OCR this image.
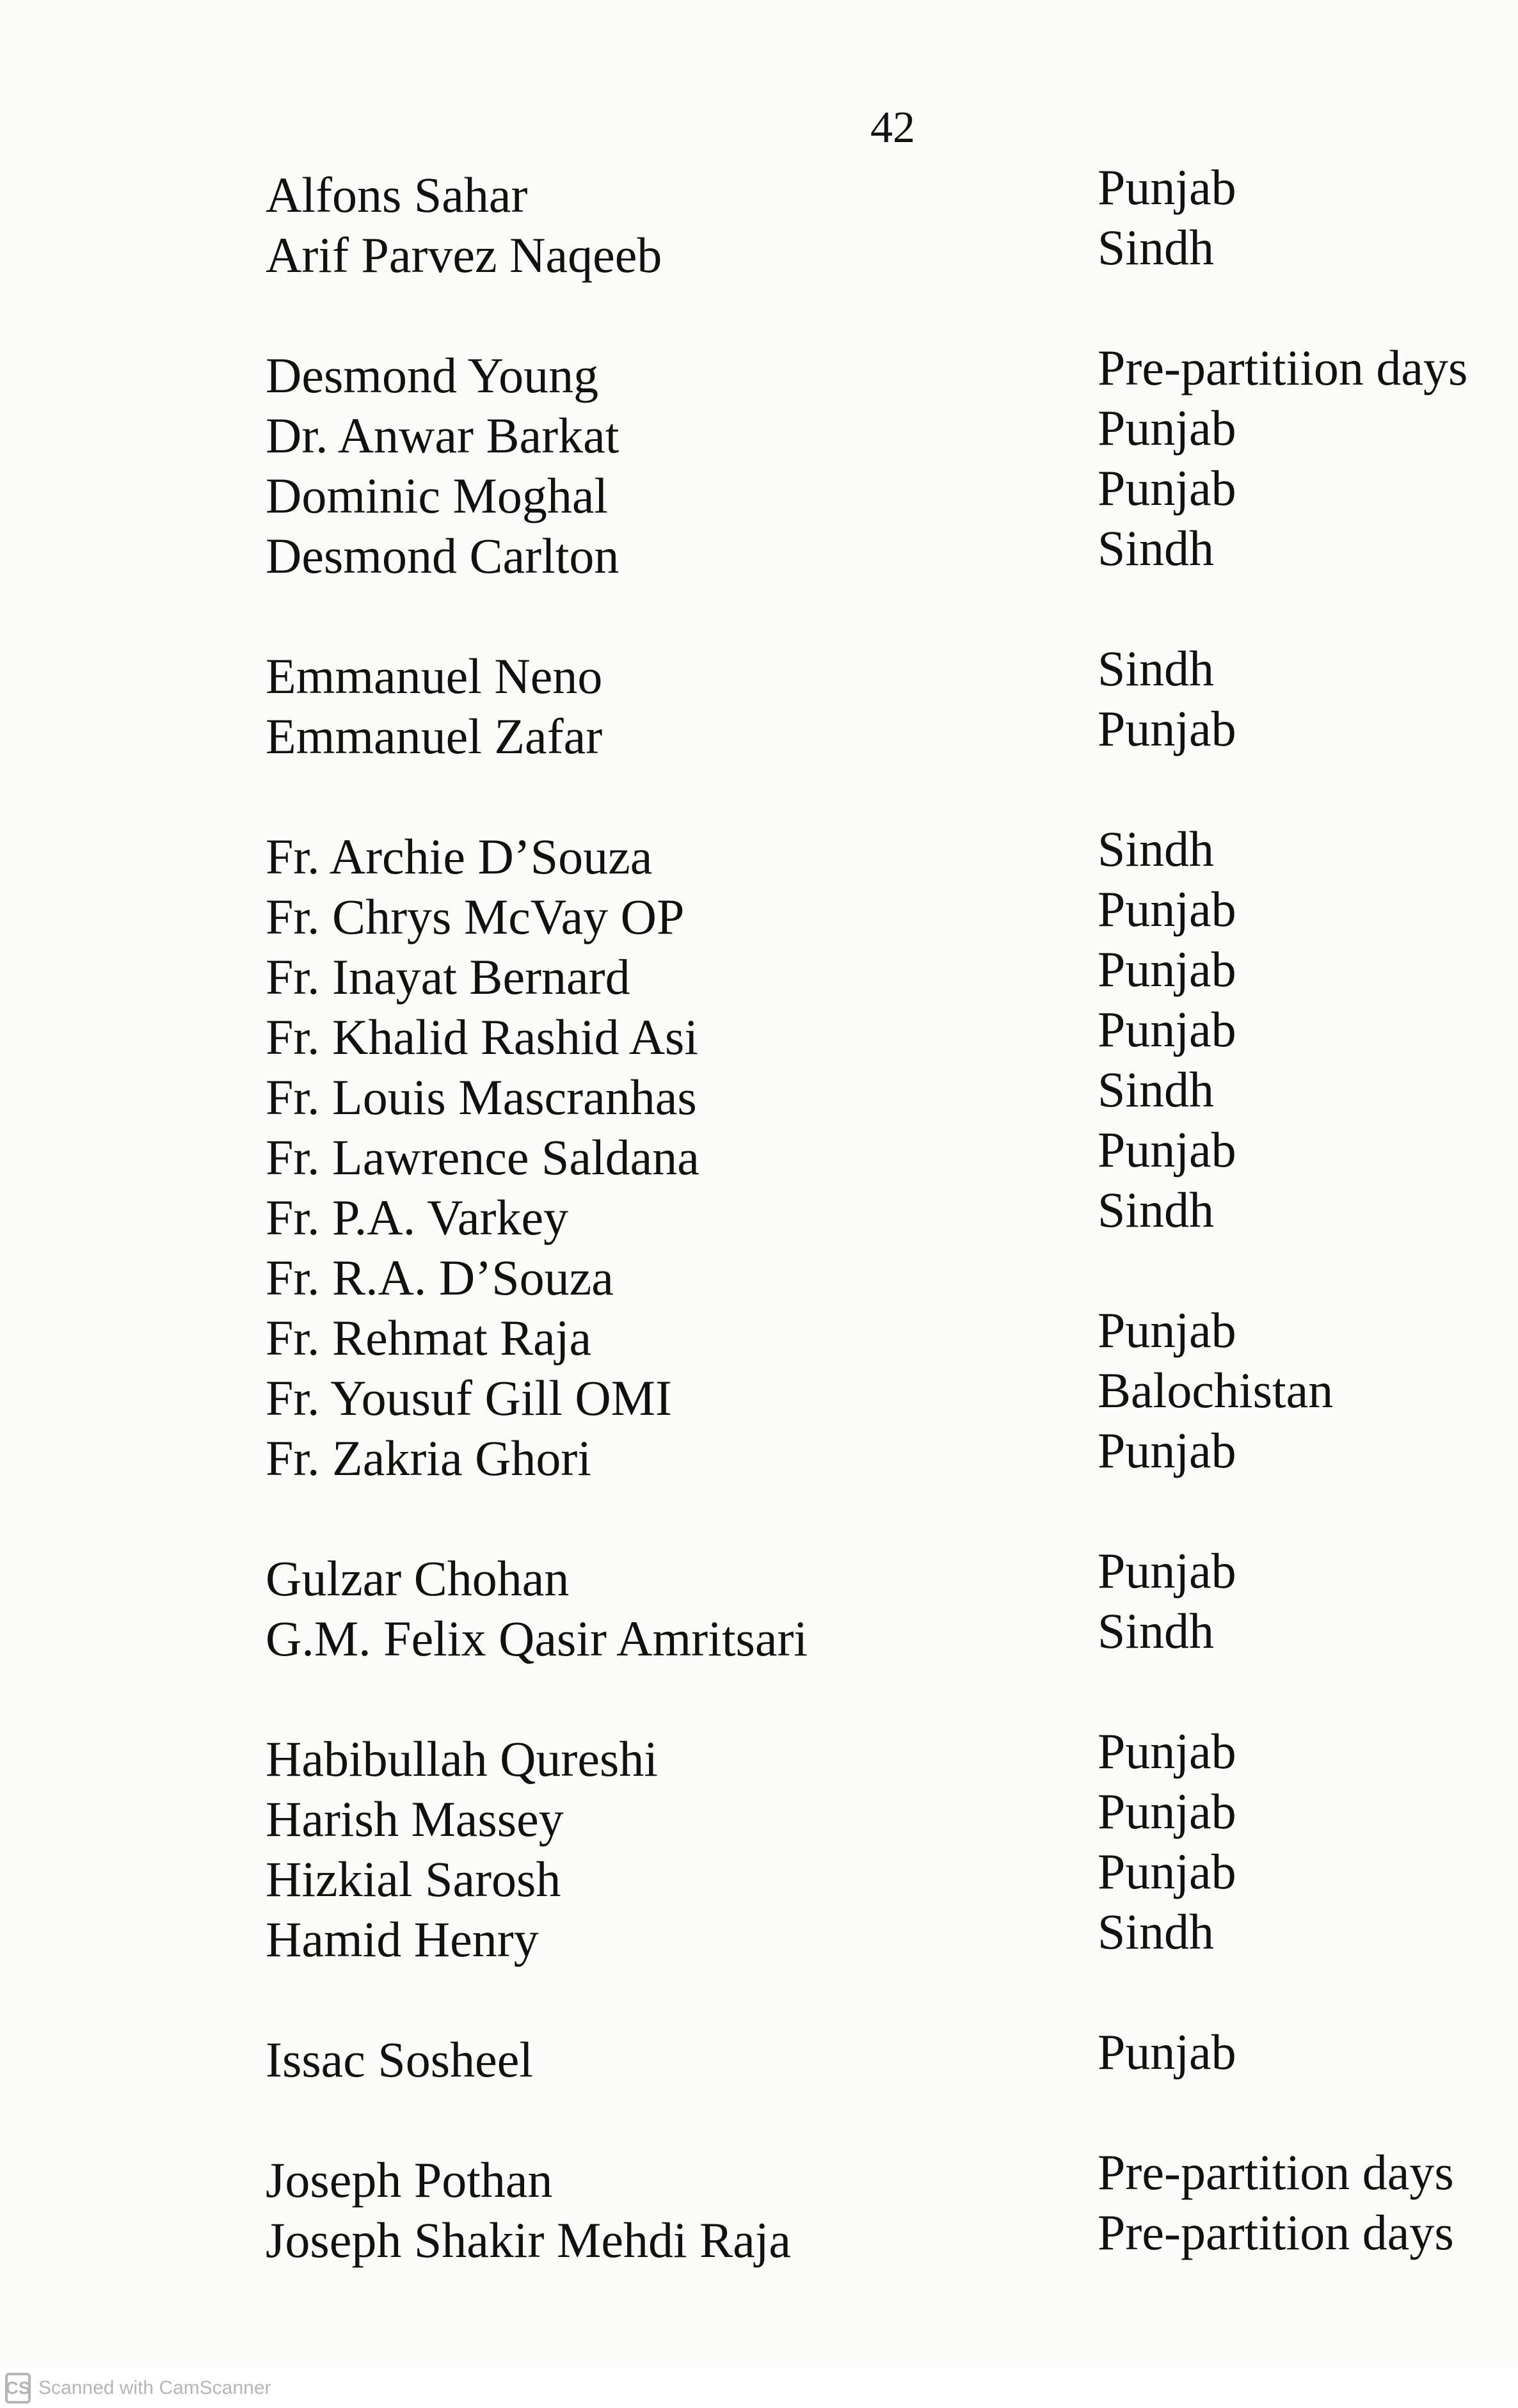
42
Alfons Sahar	Punjab
Arif Parvez Naqeeb	Sindh
Desmond Young	Pre-partitiion days
Dr. Anwar Barkat	Punjab
Dominic Moghal	Punjab
Desmond Carlton	Sindh
Emmanuel Neno	Sindh
Emmanuel Zafar	Punjab
Fr. Archie D’Souza	Sindh
Fr. Chrys McVay OP	Punjab
Fr. Inayat Bernard	Punjab
Fr. Khalid Rashid Asi	Punjab
Fr. Louis Mascranhas	Sindh
Fr. Lawrence Saldana	Punjab
Fr. P.A. Varkey	Sindh
Fr. R.A. D’Souza
Fr. Rehmat Raja	Punjab
Fr. Yousuf Gill OMI	Balochistan
Fr. Zakria Ghori	Punjab
Gulzar Chohan	Punjab
G.M. Felix Qasir Amritsari	Sindh
Habibullah Qureshi	Punjab
Harish Massey	Punjab
Hizkial Sarosh	Punjab
Hamid Henry	Sindh
Issac Sosheel	Punjab
Joseph Pothan	Pre-partition days
Joseph Shakir Mehdi Raja	Pre-partition days
CS Scanned with CamScanner
